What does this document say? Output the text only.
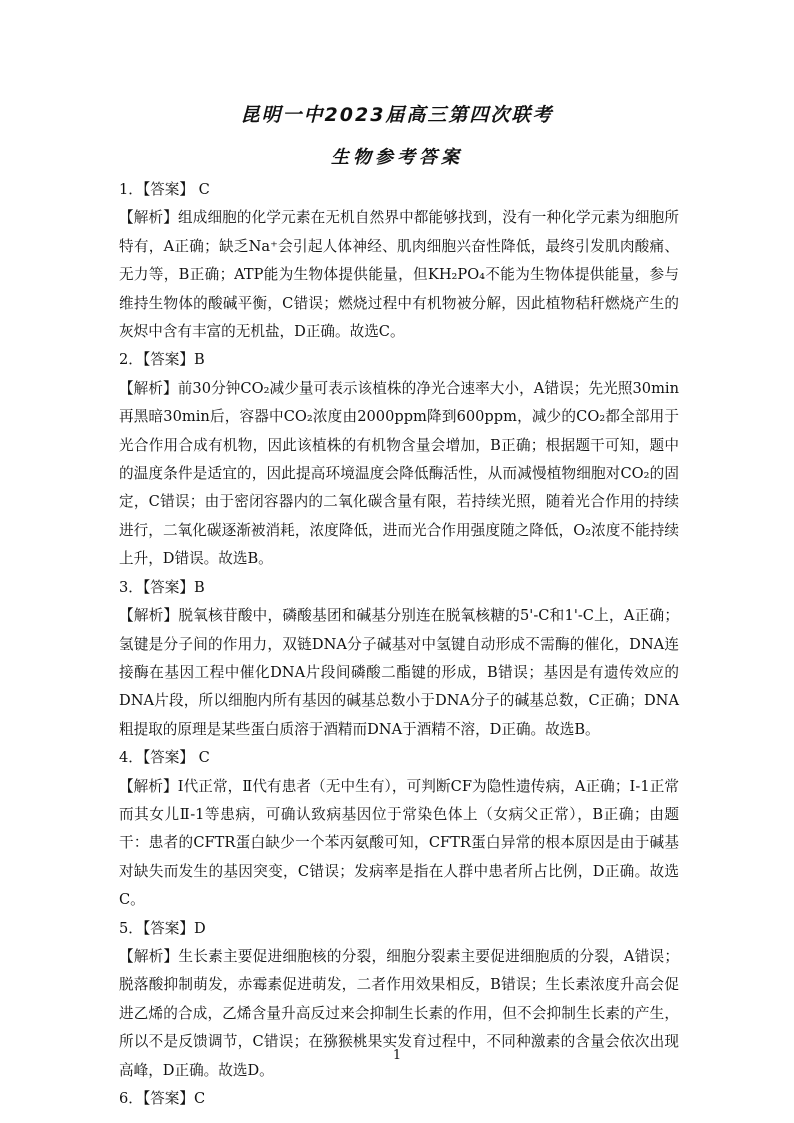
昆明一中2023届高三第四次联考
生物参考答案

1．【答案】 C

【解析】组成细胞的化学元素在无机自然界中都能够找到，没有一种化学元素为细胞所特有，A正确；缺乏Na⁺会引起人体神经、肌肉细胞兴奋性降低，最终引发肌肉酸痛、无力等，B正确；ATP能为生物体提供能量，但KH₂PO₄不能为生物体提供能量，参与维持生物体的酸碱平衡，C错误；燃烧过程中有机物被分解，因此植物秸秆燃烧产生的灰烬中含有丰富的无机盐，D正确。故选C。

2．【答案】B

【解析】前30分钟CO₂减少量可表示该植株的净光合速率大小，A错误；先光照30min再黑暗30min后，容器中CO₂浓度由2000ppm降到600ppm，减少的CO₂都全部用于光合作用合成有机物，因此该植株的有机物含量会增加，B正确；根据题干可知，题中的温度条件是适宜的，因此提高环境温度会降低酶活性，从而减慢植物细胞对CO₂的固定，C错误；由于密闭容器内的二氧化碳含量有限，若持续光照，随着光合作用的持续进行，二氧化碳逐渐被消耗，浓度降低，进而光合作用强度随之降低，O₂浓度不能持续上升，D错误。故选B。

3．【答案】B

【解析】脱氧核苷酸中，磷酸基团和碱基分别连在脱氧核糖的5'-C和1'-C上，A正确；氢键是分子间的作用力，双链DNA分子碱基对中氢键自动形成不需酶的催化，DNA连接酶在基因工程中催化DNA片段间磷酸二酯键的形成，B错误；基因是有遗传效应的DNA片段，所以细胞内所有基因的碱基总数小于DNA分子的碱基总数，C正确；DNA粗提取的原理是某些蛋白质溶于酒精而DNA于酒精不溶，D正确。故选B。

4．【答案】 C

【解析】Ⅰ代正常，Ⅱ代有患者（无中生有），可判断CF为隐性遗传病，A正确；Ⅰ-1正常而其女儿Ⅱ-1等患病，可确认致病基因位于常染色体上（女病父正常），B正确；由题干：患者的CFTR蛋白缺少一个苯丙氨酸可知，CFTR蛋白异常的根本原因是由于碱基对缺失而发生的基因突变，C错误；发病率是指在人群中患者所占比例，D正确。故选C。

5．【答案】D

【解析】生长素主要促进细胞核的分裂，细胞分裂素主要促进细胞质的分裂，A错误；脱落酸抑制萌发，赤霉素促进萌发，二者作用效果相反，B错误；生长素浓度升高会促进乙烯的合成，乙烯含量升高反过来会抑制生长素的作用，但不会抑制生长素的产生，所以不是反馈调节，C错误；在猕猴桃果实发育过程中，不同种激素的含量会依次出现高峰，D正确。故选D。

6．【答案】C

1
